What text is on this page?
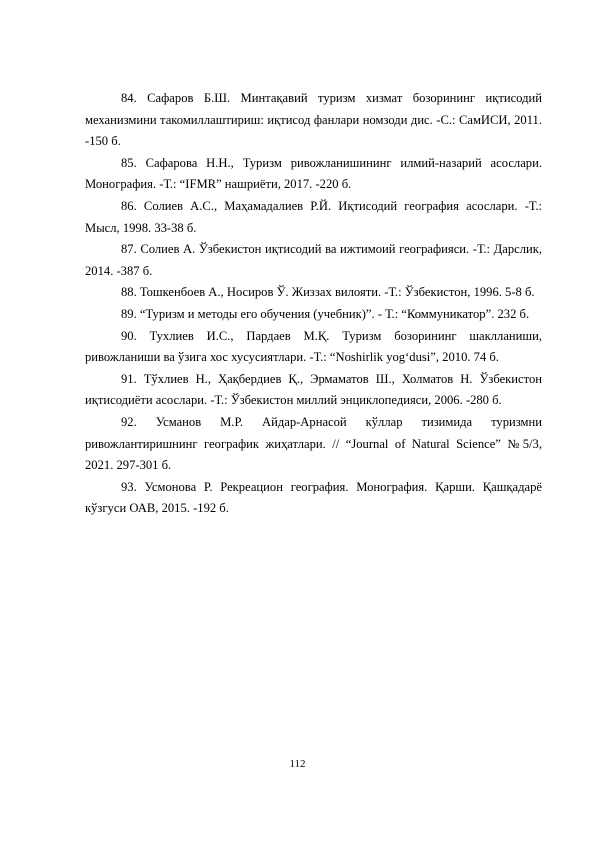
84. Сафаров Б.Ш. Минтақавий туризм хизмат бозорининг иқтисодий механизмини такомиллаштириш: иқтисод фанлари номзоди дис. -С.: СамИСИ, 2011. -150 б.

85. Сафарова Н.Н., Туризм ривожланишининг илмий-назарий асослари. Монография. -Т.: “IFMR” нашриёти, 2017. -220 б.

86. Солиев А.С., Маҳамадалиев Р.Й. Иқтисодий география асослари. -Т.: Мысл, 1998. 33-38 б.

87. Солиев А. Ўзбекистон иқтисодий ва ижтимоий географияси. -Т.: Дарслик, 2014. -387 б.

88. Тошкенбоев А., Носиров Ў. Жиззах вилояти. -Т.: Ўзбекистон, 1996. 5-8 б.

89. “Туризм и методы его обучения (учебник)”. - Т.: “Коммуникатор”. 232 б.

90. Тухлиев И.С., Пардаев М.Қ. Туризм бозорининг шаклланиши, ривожланиши ва ўзига хос хусусиятлари. -Т.: “Noshirlik yog‘dusi”, 2010. 74 б.

91. Тўхлиев Н., Ҳақбердиев Қ., Эрмаматов Ш., Холматов Н. Ўзбекистон иқтисодиёти асослари. -Т.: Ўзбекистон миллий энциклопедияси, 2006. -280 б.

92. Усманов М.Р. Айдар-Арнасой кўллар тизимида туризмни ривожлантиришнинг географик жиҳатлари. // “Journal of Natural Science” №5/3, 2021. 297-301 б.

93. Усмонова Р. Рекреацион география. Монография. Қарши. Қашқадарё кўзгуси ОАВ, 2015. -192 б.

112
